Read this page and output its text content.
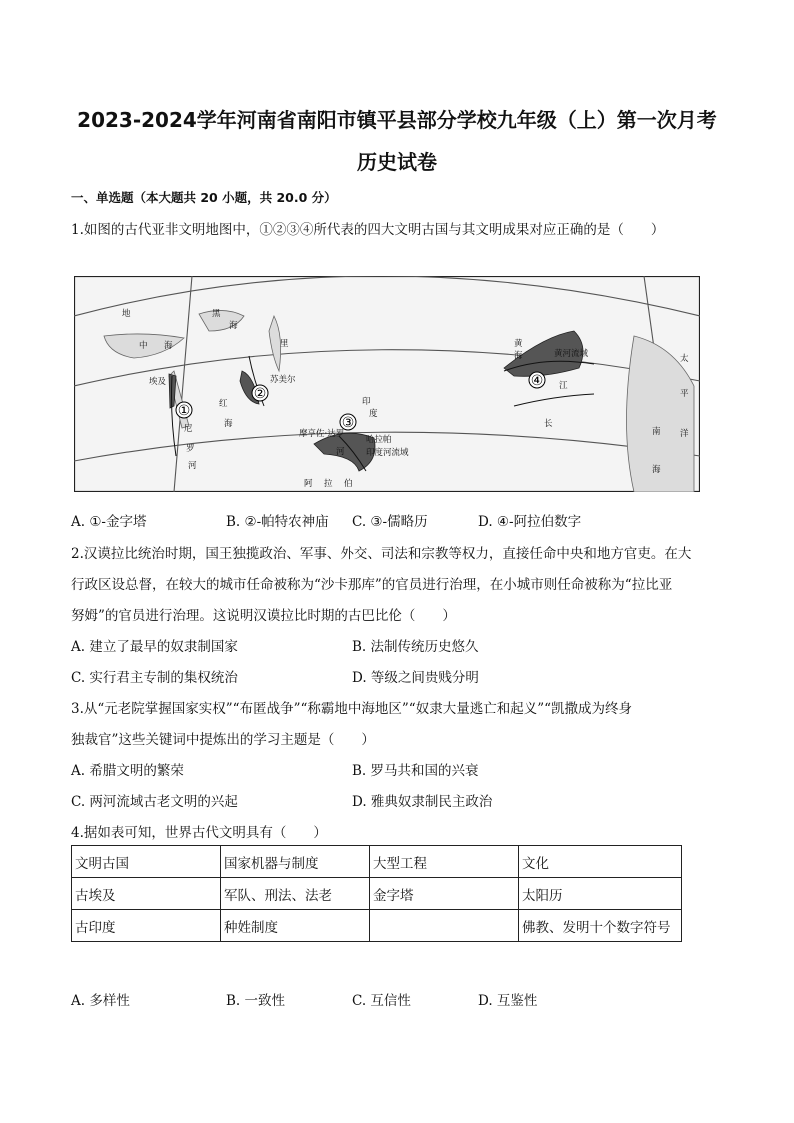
2023-2024学年河南省南阳市镇平县部分学校九年级（上）第一次月考
历史试卷
一、单选题（本大题共 20 小题，共 20.0 分）
1.如图的古代亚非文明地图中，①②③④所代表的四大文明古国与其文明成果对应正确的是（　　）
①
②
③
④
地
中 海
黑
海
里
苏美尔
埃及
尼
罗
河
红
海
印
度
河
摩亨佐·达罗
哈拉帕
印度河流域
黄河流域
长
江
太
平
洋
南
海
阿 拉 伯
黄
海
A. ①-金字塔	B. ②-帕特农神庙 C. ③-儒略历	D. ④-阿拉伯数字
2.汉谟拉比统治时期，国王独揽政治、军事、外交、司法和宗教等权力，直接任命中央和地方官吏。在大
行政区设总督，在较大的城市任命被称为“沙卡那库”的官员进行治理，在小城市则任命被称为“拉比亚
努姆”的官员进行治理。这说明汉谟拉比时期的古巴比伦（　　）
A. 建立了最早的奴隶制国家	B. 法制传统历史悠久
C. 实行君主专制的集权统治	D. 等级之间贵贱分明
3.从“元老院掌握国家实权”“布匿战争”“称霸地中海地区”“奴隶大量逃亡和起义”“凯撒成为终身
独裁官”这些关键词中提炼出的学习主题是（　　）
A. 希腊文明的繁荣	B. 罗马共和国的兴衰
C. 两河流域古老文明的兴起	D. 雅典奴隶制民主政治
4.据如表可知，世界古代文明具有（　　）
文明古国	国家机器与制度	大型工程	文化
古埃及	军队、刑法、法老	金字塔	太阳历
古印度	种姓制度		佛教、发明十个数字符号
A. 多样性	B. 一致性	C. 互信性	D. 互鉴性
